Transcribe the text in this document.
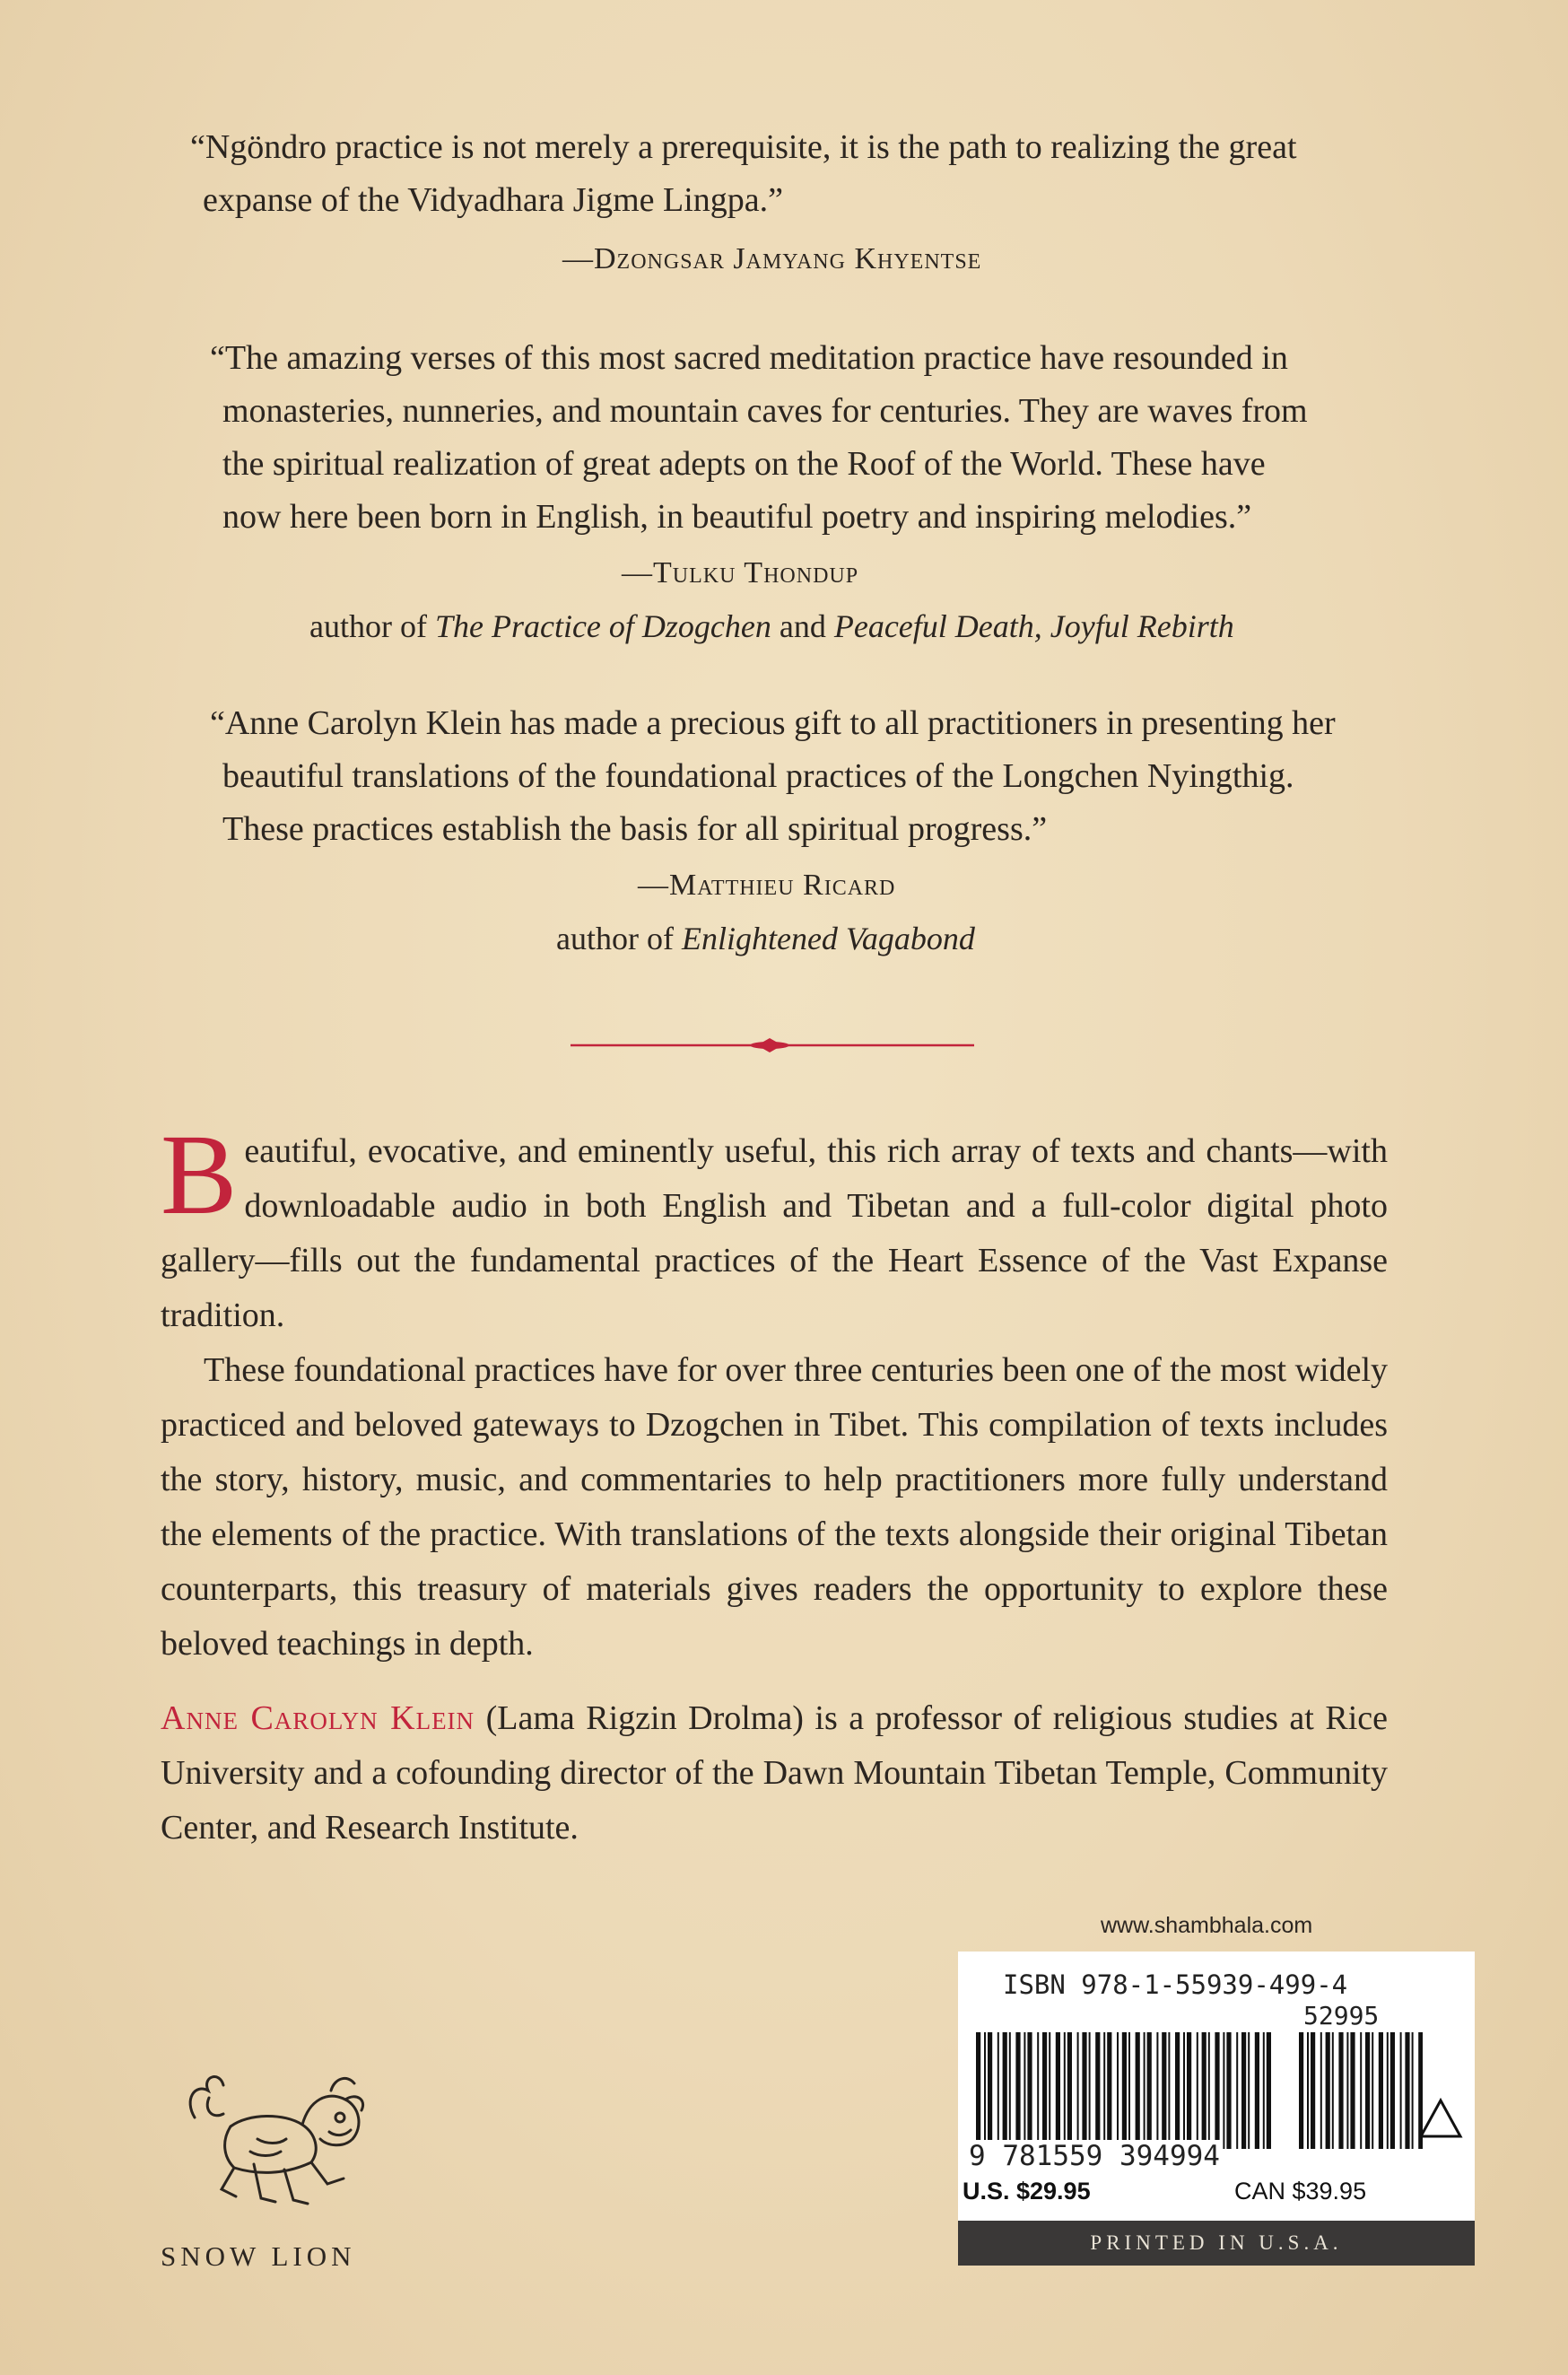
“Ngöndro practice is not merely a prerequisite, it is the path to realizing the great

expanse of the Vidyadhara Jigme Lingpa.”

—Dzongsar Jamyang Khyentse

“The amazing verses of this most sacred meditation practice have resounded in

monasteries, nunneries, and mountain caves for centuries. They are waves from

the spiritual realization of great adepts on the Roof of the World. These have

now here been born in English, in beautiful poetry and inspiring melodies.”

—Tulku Thondup
author of The Practice of Dzogchen and Peaceful Death, Joyful Rebirth

“Anne Carolyn Klein has made a precious gift to all practitioners in presenting her

beautiful translations of the foundational practices of the Longchen Nyingthig.

These practices establish the basis for all spiritual progress.”

—Matthieu Ricard
author of Enlightened Vagabond

Beautiful, evocative, and eminently useful, this rich array of texts and chants—with downloadable audio in both English and Tibetan and a full-color digital photo gallery—fills out the fundamental practices of the Heart Essence of the Vast Expanse tradition.

These foundational practices have for over three centuries been one of the most widely practiced and beloved gateways to Dzogchen in Tibet. This compilation of texts includes the story, history, music, and commentaries to help practitioners more fully understand the elements of the practice. With translations of the texts alongside their original Tibetan counterparts, this treasury of materials gives readers the opportunity to explore these beloved teachings in depth.

Anne Carolyn Klein (Lama Rigzin Drolma) is a professor of religious studies at Rice University and a cofounding director of the Dawn Mountain Tibetan Temple, Community Center, and Research Institute.

www.shambhala.com
ISBN 978-1-55939-499-4
52995
9 781559 394994
U.S. $29.95	CAN $39.95
PRINTED IN U.S.A.
SNOW LION
